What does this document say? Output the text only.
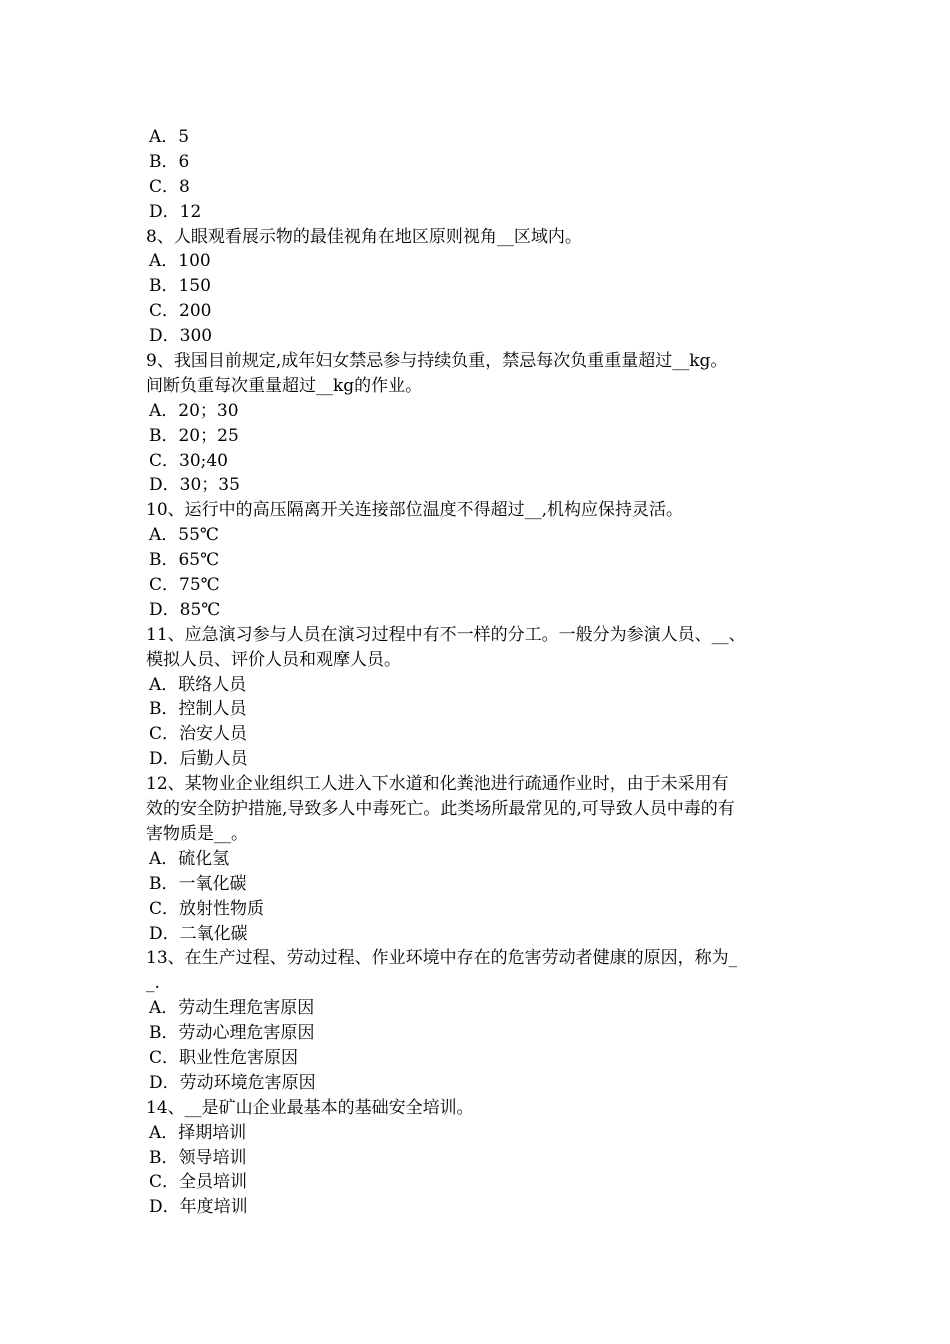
A．5
B．6
C．8
D．12
8、人眼观看展示物的最佳视角在地区原则视角__区域内。
A．100
B．150
C．200
D．300
9、我国目前规定,成年妇女禁忌参与持续负重，禁忌每次负重重量超过__kg。
间断负重每次重量超过__kg的作业。
A．20；30
B．20；25
C．30;40
D．30；35
10、运行中的高压隔离开关连接部位温度不得超过__,机构应保持灵活。
A．55℃
B．65℃
C．75℃
D．85℃
11、应急演习参与人员在演习过程中有不一样的分工。一般分为参演人员、__、
模拟人员、评价人员和观摩人员。
A．联络人员
B．控制人员
C．治安人员
D．后勤人员
12、某物业企业组织工人进入下水道和化粪池进行疏通作业时，由于未采用有
效的安全防护措施,导致多人中毒死亡。此类场所最常见的,可导致人员中毒的有
害物质是__。
A．硫化氢
B．一氧化碳
C．放射性物质
D．二氧化碳
13、在生产过程、劳动过程、作业环境中存在的危害劳动者健康的原因，称为_
_.
A．劳动生理危害原因
B．劳动心理危害原因
C．职业性危害原因
D．劳动环境危害原因
14、__是矿山企业最基本的基础安全培训。
A．择期培训
B．领导培训
C．全员培训
D．年度培训
